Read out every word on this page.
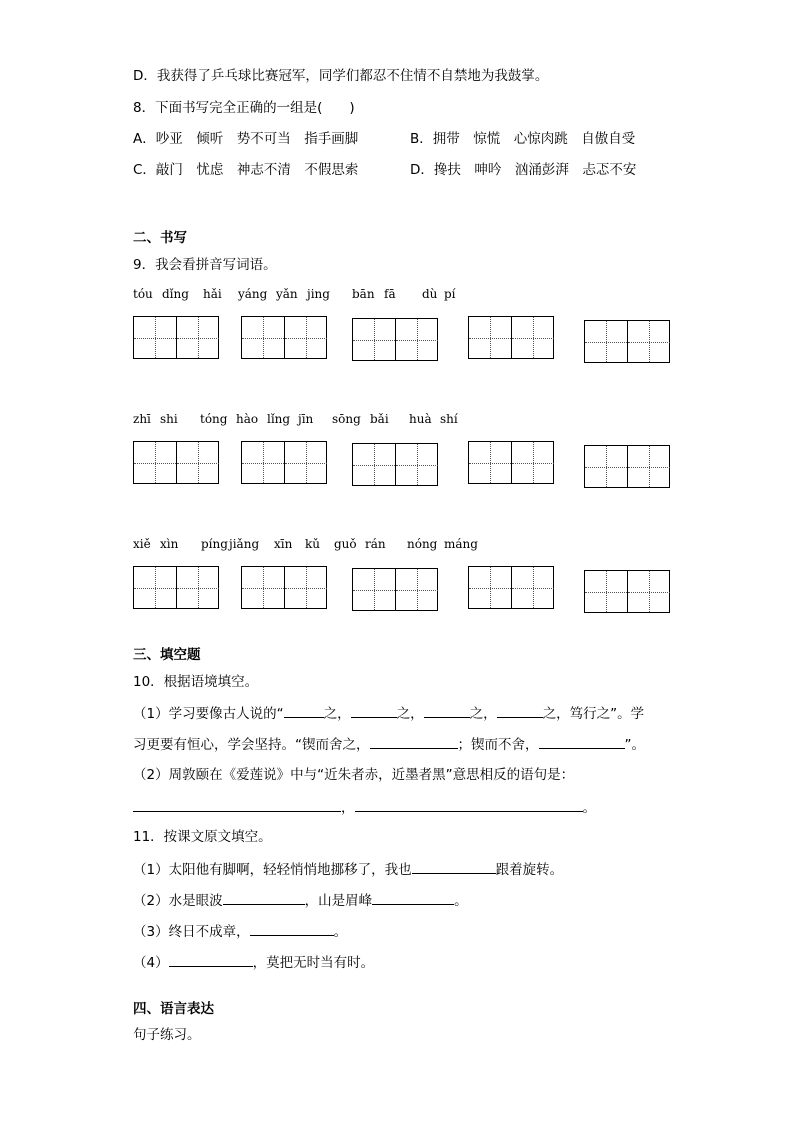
D．我获得了乒乓球比赛冠军，同学们都忍不住情不自禁地为我鼓掌。
8．下面书写完全正确的一组是(　　)
A．吵亚　倾听　势不可当　指手画脚	B．拥带　惊慌　心惊肉跳　自傲自受
C．敲门　忧虑　神志不清　不假思索	D．搀扶　呻吟　汹涌彭湃　忐忑不安
二、书写
9．我会看拼音写词语。
tóu dǐng hǎi yáng yǎn jing bān fā dù pí
zhī shi tóng hào lǐng jīn sōng bǎi huà shí
xiě xìn píng jiǎng xīn kǔ guǒ rán nóng máng
三、填空题
10．根据语境填空。
（1）学习要像古人说的“	之，	之，	之，	之，笃行之”。学
习更要有恒心，学会坚持。“锲而舍之，	；锲而不舍，	”。
（2）周敦颐在《爱莲说》中与“近朱者赤，近墨者黑”意思相反的语句是：
，	。
11．按课文原文填空。
（1）太阳他有脚啊，轻轻悄悄地挪移了，我也	跟着旋转。
（2）水是眼波	，山是眉峰	。
（3）终日不成章，	。
（4）	，莫把无时当有时。
四、语言表达
句子练习。
